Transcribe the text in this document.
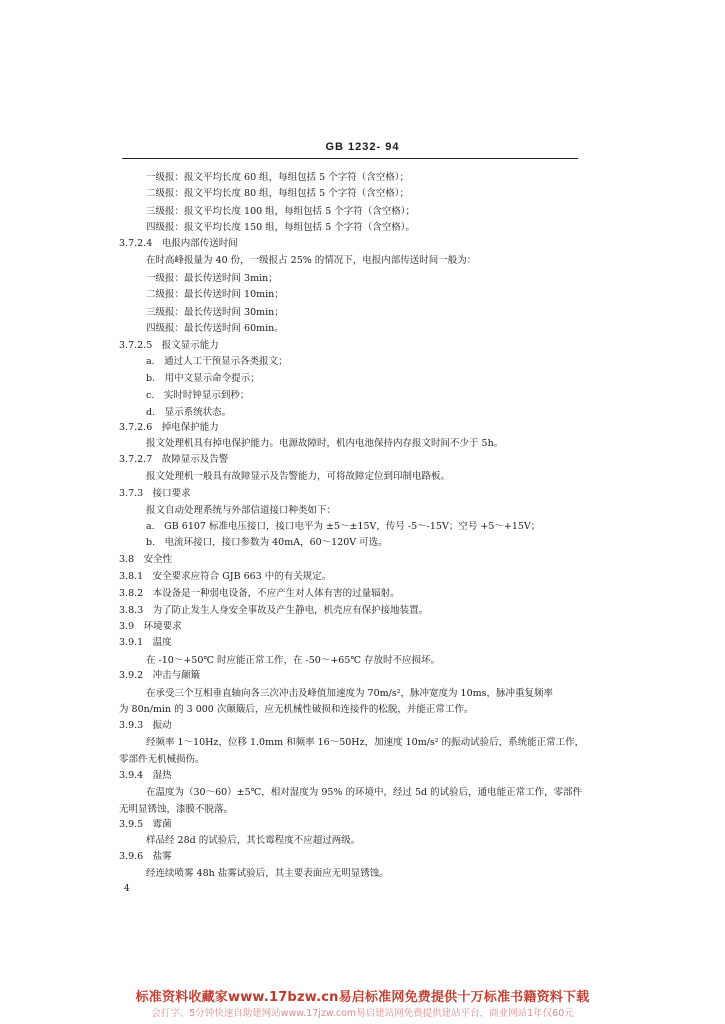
GB 1232- 94
一级报：报文平均长度 60 组，每组包括 5 个字符（含空格）；
二级报：报文平均长度 80 组，每组包括 5 个字符（含空格）；
三级报：报文平均长度 100 组，每组包括 5 个字符（含空格）；
四级报：报文平均长度 150 组，每组包括 5 个字符（含空格）。
3.7.2.4　电报内部传送时间
在时高峰报量为 40 份，一级报占 25% 的情况下，电报内部传送时间一般为：
一级报：最长传送时间 3min；
二级报：最长传送时间 10min；
三级报：最长传送时间 30min；
四级报：最长传送时间 60min。
3.7.2.5　报文显示能力
a.　通过人工干预显示各类报文；
b.　用中文显示命令提示；
c.　实时时钟显示到秒；
d.　显示系统状态。
3.7.2.6　掉电保护能力
报文处理机具有掉电保护能力。电源故障时，机内电池保持内存报文时间不少于 5h。
3.7.2.7　故障显示及告警
报文处理机一般具有故障显示及告警能力，可将故障定位到印制电路板。
3.7.3　接口要求
报文自动处理系统与外部信道接口种类如下：
a.　GB 6107 标准电压接口，接口电平为 ±5～±15V，传号 -5～-15V；空号 +5～+15V；
b.　电流环接口，接口参数为 40mA，60～120V 可选。
3.8　安全性
3.8.1　安全要求应符合 GJB 663 中的有关规定。
3.8.2　本设备是一种弱电设备，不应产生对人体有害的过量辐射。
3.8.3　为了防止发生人身安全事故及产生静电，机壳应有保护接地装置。
3.9　环境要求
3.9.1　温度
在 -10～+50℃ 时应能正常工作，在 -50～+65℃ 存放时不应损坏。
3.9.2　冲击与颠簸
在承受三个互相垂直轴向各三次冲击及峰值加速度为 70m/s²，脉冲宽度为 10ms，脉冲重复频率
为 80n/min 的 3 000 次颠簸后，应无机械性破损和连接件的松脱，并能正常工作。
3.9.3　振动
经频率 1～10Hz，位移 1.0mm 和频率 16～50Hz，加速度 10m/s² 的振动试验后，系统能正常工作，
零部件无机械损伤。
3.9.4　湿热
在温度为（30～60）±5℃，相对湿度为 95% 的环境中，经过 5d 的试验后，通电能正常工作，零部件
无明显锈蚀，漆膜不脱落。
3.9.5　霉菌
样品经 28d 的试验后，其长霉程度不应超过两级。
3.9.6　盐雾
经连续喷雾 48h 盐雾试验后，其主要表面应无明显锈蚀。
4
标准资料收藏家www.17bzw.cn易启标准网免费提供十万标准书籍资料下载
会打字、5分钟快速自助建网站www.17jzw.com易启建站网免费提供建站平台，商业网站1年仅60元
